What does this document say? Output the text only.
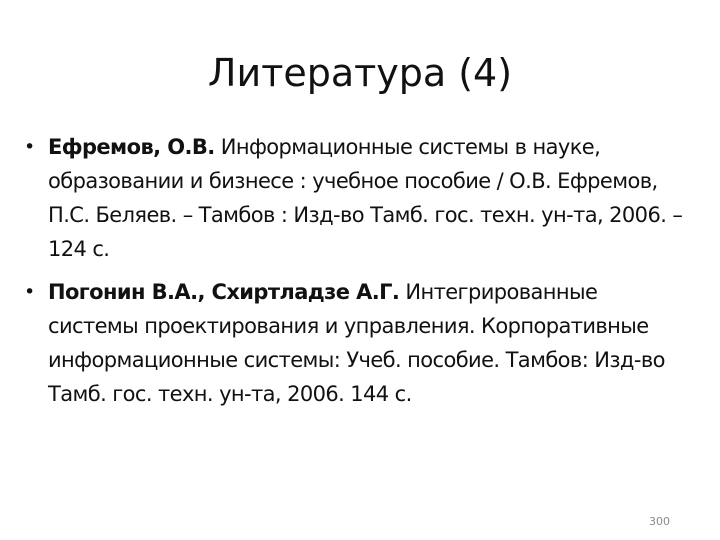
Литература (4)
• Ефремов, О.В. Информационные системы в науке, образовании и бизнесе : учебное пособие / О.В. Ефремов, П.С. Беляев. – Тамбов : Изд-во Тамб. гос. техн. ун-та, 2006. – 124 с.
• Погонин В.А., Схиртладзе А.Г. Интегрированные системы проектирования и управления. Корпоративные информационные системы: Учеб. пособие. Тамбов: Изд-во Тамб. гос. техн. ун-та, 2006. 144 с.
300
